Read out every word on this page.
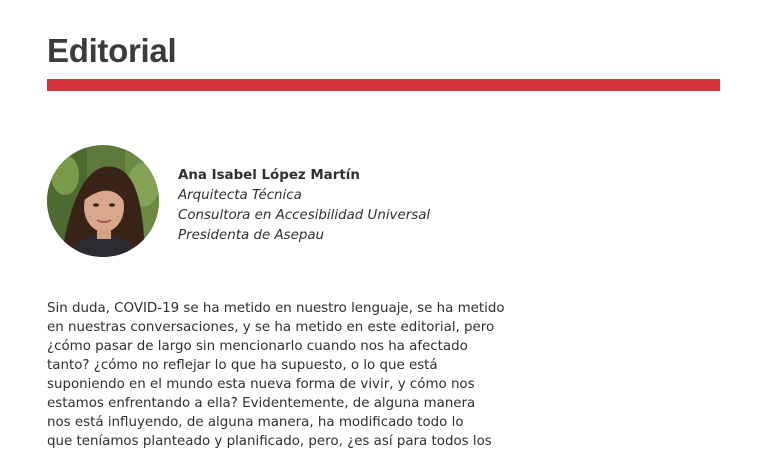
Editorial
Ana Isabel López Martín
Arquitecta Técnica
Consultora en Accesibilidad Universal
Presidenta de Asepau
Sin duda, COVID-19 se ha metido en nuestro lenguaje, se ha metido
en nuestras conversaciones, y se ha metido en este editorial, pero
¿cómo pasar de largo sin mencionarlo cuando nos ha afectado
tanto? ¿cómo no reflejar lo que ha supuesto, o lo que está
suponiendo en el mundo esta nueva forma de vivir, y cómo nos
estamos enfrentando a ella? Evidentemente, de alguna manera
nos está influyendo, de alguna manera, ha modificado todo lo
que teníamos planteado y planificado, pero, ¿es así para todos los
